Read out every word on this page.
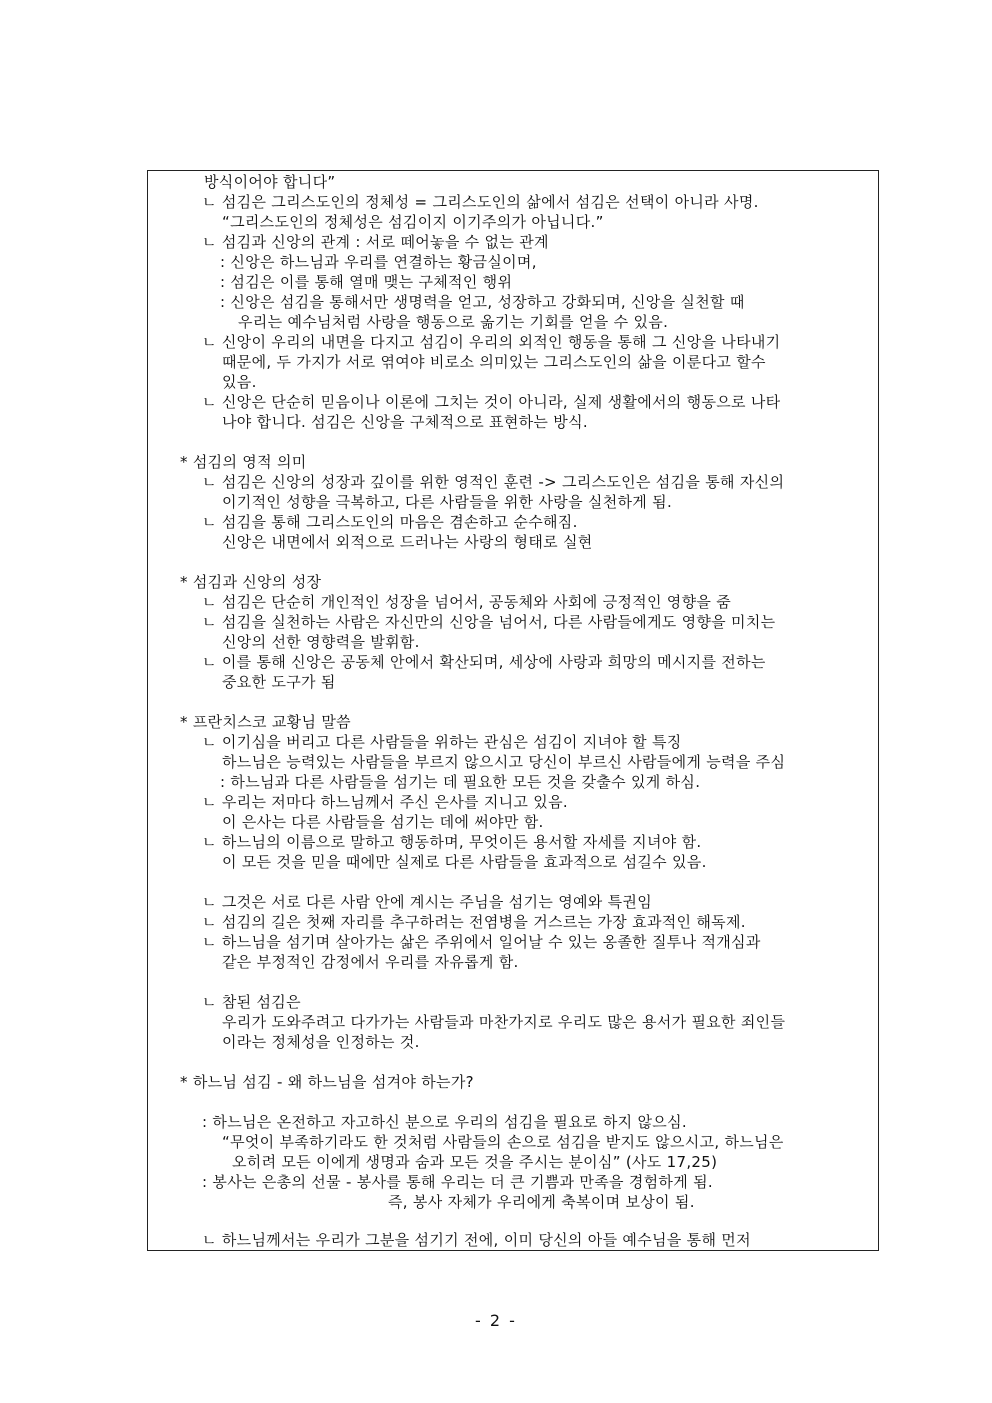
방식이어야 합니다”
ㄴ 섬김은 그리스도인의 정체성 = 그리스도인의 삶에서 섬김은 선택이 아니라 사명.
“그리스도인의 정체성은 섬김이지 이기주의가 아닙니다.”
ㄴ 섬김과 신앙의 관계 : 서로 떼어놓을 수 없는 관계
: 신앙은 하느님과 우리를 연결하는 황금실이며,
: 섬김은 이를 통해 열매 맺는 구체적인 행위
: 신앙은 섬김을 통해서만 생명력을 얻고, 성장하고 강화되며, 신앙을 실천할 때
우리는 예수님처럼 사랑을 행동으로 옮기는 기회를 얻을 수 있음.
ㄴ 신앙이 우리의 내면을 다지고 섬김이 우리의 외적인 행동을 통해 그 신앙을 나타내기
때문에, 두 가지가 서로 엮여야 비로소 의미있는 그리스도인의 삶을 이룬다고 할수
있음.
ㄴ 신앙은 단순히 믿음이나 이론에 그치는 것이 아니라, 실제 생활에서의 행동으로 나타
나야 합니다. 섬김은 신앙을 구체적으로 표현하는 방식.
* 섬김의 영적 의미
ㄴ 섬김은 신앙의 성장과 깊이를 위한 영적인 훈련 -> 그리스도인은 섬김을 통해 자신의
이기적인 성향을 극복하고, 다른 사람들을 위한 사랑을 실천하게 됨.
ㄴ 섬김을 통해 그리스도인의 마음은 겸손하고 순수해짐.
신앙은 내면에서 외적으로 드러나는 사랑의 형태로 실현
* 섬김과 신앙의 성장
ㄴ 섬김은 단순히 개인적인 성장을 넘어서, 공동체와 사회에 긍정적인 영향을 줌
ㄴ 섬김을 실천하는 사람은 자신만의 신앙을 넘어서, 다른 사람들에게도 영향을 미치는
신앙의 선한 영향력을 발휘함.
ㄴ 이를 통해 신앙은 공동체 안에서 확산되며, 세상에 사랑과 희망의 메시지를 전하는
중요한 도구가 됨
* 프란치스코 교황님 말씀
ㄴ 이기심을 버리고 다른 사람들을 위하는 관심은 섬김이 지녀야 할 특징
하느님은 능력있는 사람들을 부르지 않으시고 당신이 부르신 사람들에게 능력을 주심
: 하느님과 다른 사람들을 섬기는 데 필요한 모든 것을 갖출수 있게 하심.
ㄴ 우리는 저마다 하느님께서 주신 은사를 지니고 있음.
이 은사는 다른 사람들을 섬기는 데에 써야만 함.
ㄴ 하느님의 이름으로 말하고 행동하며, 무엇이든 용서할 자세를 지녀야 함.
이 모든 것을 믿을 때에만 실제로 다른 사람들을 효과적으로 섬길수 있음.
ㄴ 그것은 서로 다른 사람 안에 계시는 주님을 섬기는 영예와 특권임
ㄴ 섬김의 길은 첫째 자리를 추구하려는 전염병을 거스르는 가장 효과적인 해독제.
ㄴ 하느님을 섬기며 살아가는 삶은 주위에서 일어날 수 있는 옹졸한 질투나 적개심과
같은 부정적인 감정에서 우리를 자유롭게 함.
ㄴ 참된 섬김은
우리가 도와주려고 다가가는 사람들과 마찬가지로 우리도 많은 용서가 필요한 죄인들
이라는 정체성을 인정하는 것.
* 하느님 섬김 - 왜 하느님을 섬겨야 하는가?
: 하느님은 온전하고 자고하신 분으로 우리의 섬김을 필요로 하지 않으심.
“무엇이 부족하기라도 한 것처럼 사람들의 손으로 섬김을 받지도 않으시고, 하느님은
오히려 모든 이에게 생명과 숨과 모든 것을 주시는 분이심” (사도 17,25)
: 봉사는 은총의 선물 - 봉사를 통해 우리는 더 큰 기쁨과 만족을 경험하게 됨.
즉, 봉사 자체가 우리에게 축복이며 보상이 됨.
ㄴ 하느님께서는 우리가 그분을 섬기기 전에, 이미 당신의 아들 예수님을 통해 먼저
- 2 -
